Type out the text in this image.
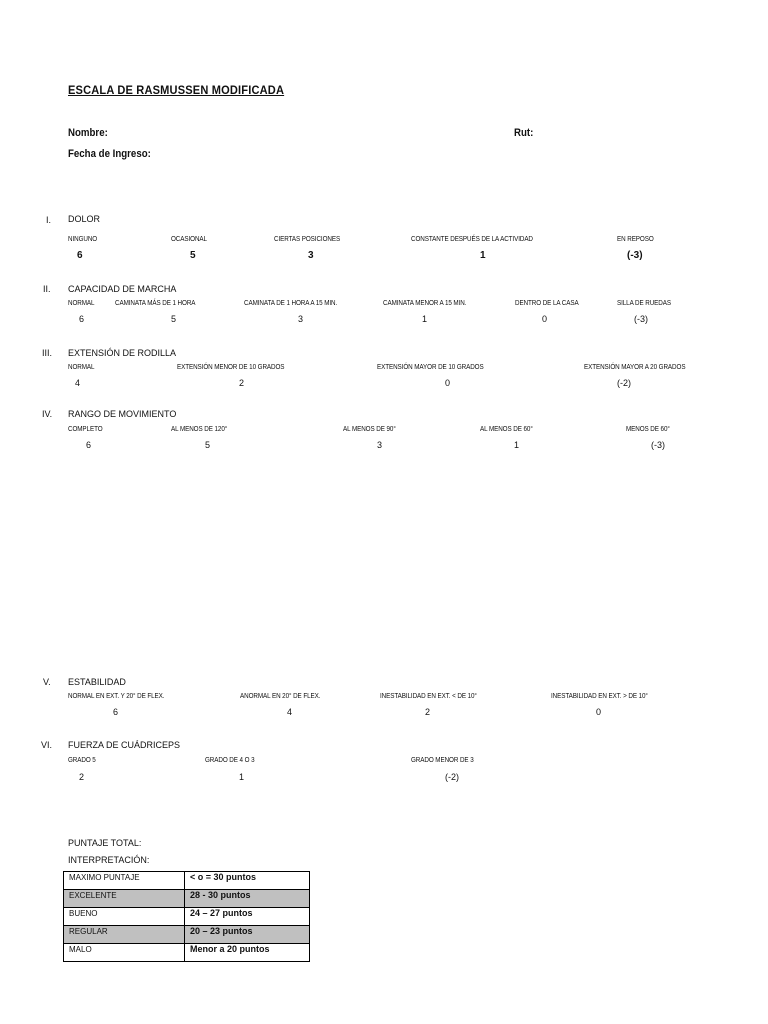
ESCALA DE RASMUSSEN MODIFICADA
Nombre:	Rut:
Fecha de Ingreso:
I. DOLOR
NINGUNO	OCASIONAL	CIERTAS POSICIONES	CONSTANTE DESPUÉS DE LA ACTIVIDAD	EN REPOSO
6	5	3	1	(-3)
II. CAPACIDAD DE MARCHA
NORMAL	CAMINATA MÁS DE 1 HORA	CAMINATA DE 1 HORA A 15 MIN.	CAMINATA MENOR A 15 MIN.	DENTRO DE LA CASA	SILLA DE RUEDAS
6	5	3	1	0	(-3)
III. EXTENSIÓN DE RODILLA
NORMAL	EXTENSIÓN MENOR DE 10 GRADOS	EXTENSIÓN MAYOR DE 10 GRADOS	EXTENSIÓN MAYOR A 20 GRADOS
4	2	0	(-2)
IV. RANGO DE MOVIMIENTO
COMPLETO	AL MENOS DE 120°	AL MENOS DE 90°	AL MENOS DE 60°	MENOS DE 60°
6	5	3	1	(-3)
V. ESTABILIDAD
NORMAL EN EXT. Y 20° DE FLEX.	ANORMAL EN 20° DE FLEX.	INESTABILIDAD EN EXT. < DE 10°	INESTABILIDAD EN EXT. > DE 10°
6	4	2	0
VI. FUERZA DE CUÁDRICEPS
GRADO 5	GRADO DE 4 O 3	GRADO MENOR DE 3
2	1	(-2)
PUNTAJE TOTAL:
INTERPRETACIÓN:
MAXIMO PUNTAJE	< o = 30 puntos
EXCELENTE	28 - 30 puntos
BUENO	24 – 27 puntos
REGULAR	20 – 23 puntos
MALO	Menor a 20 puntos
